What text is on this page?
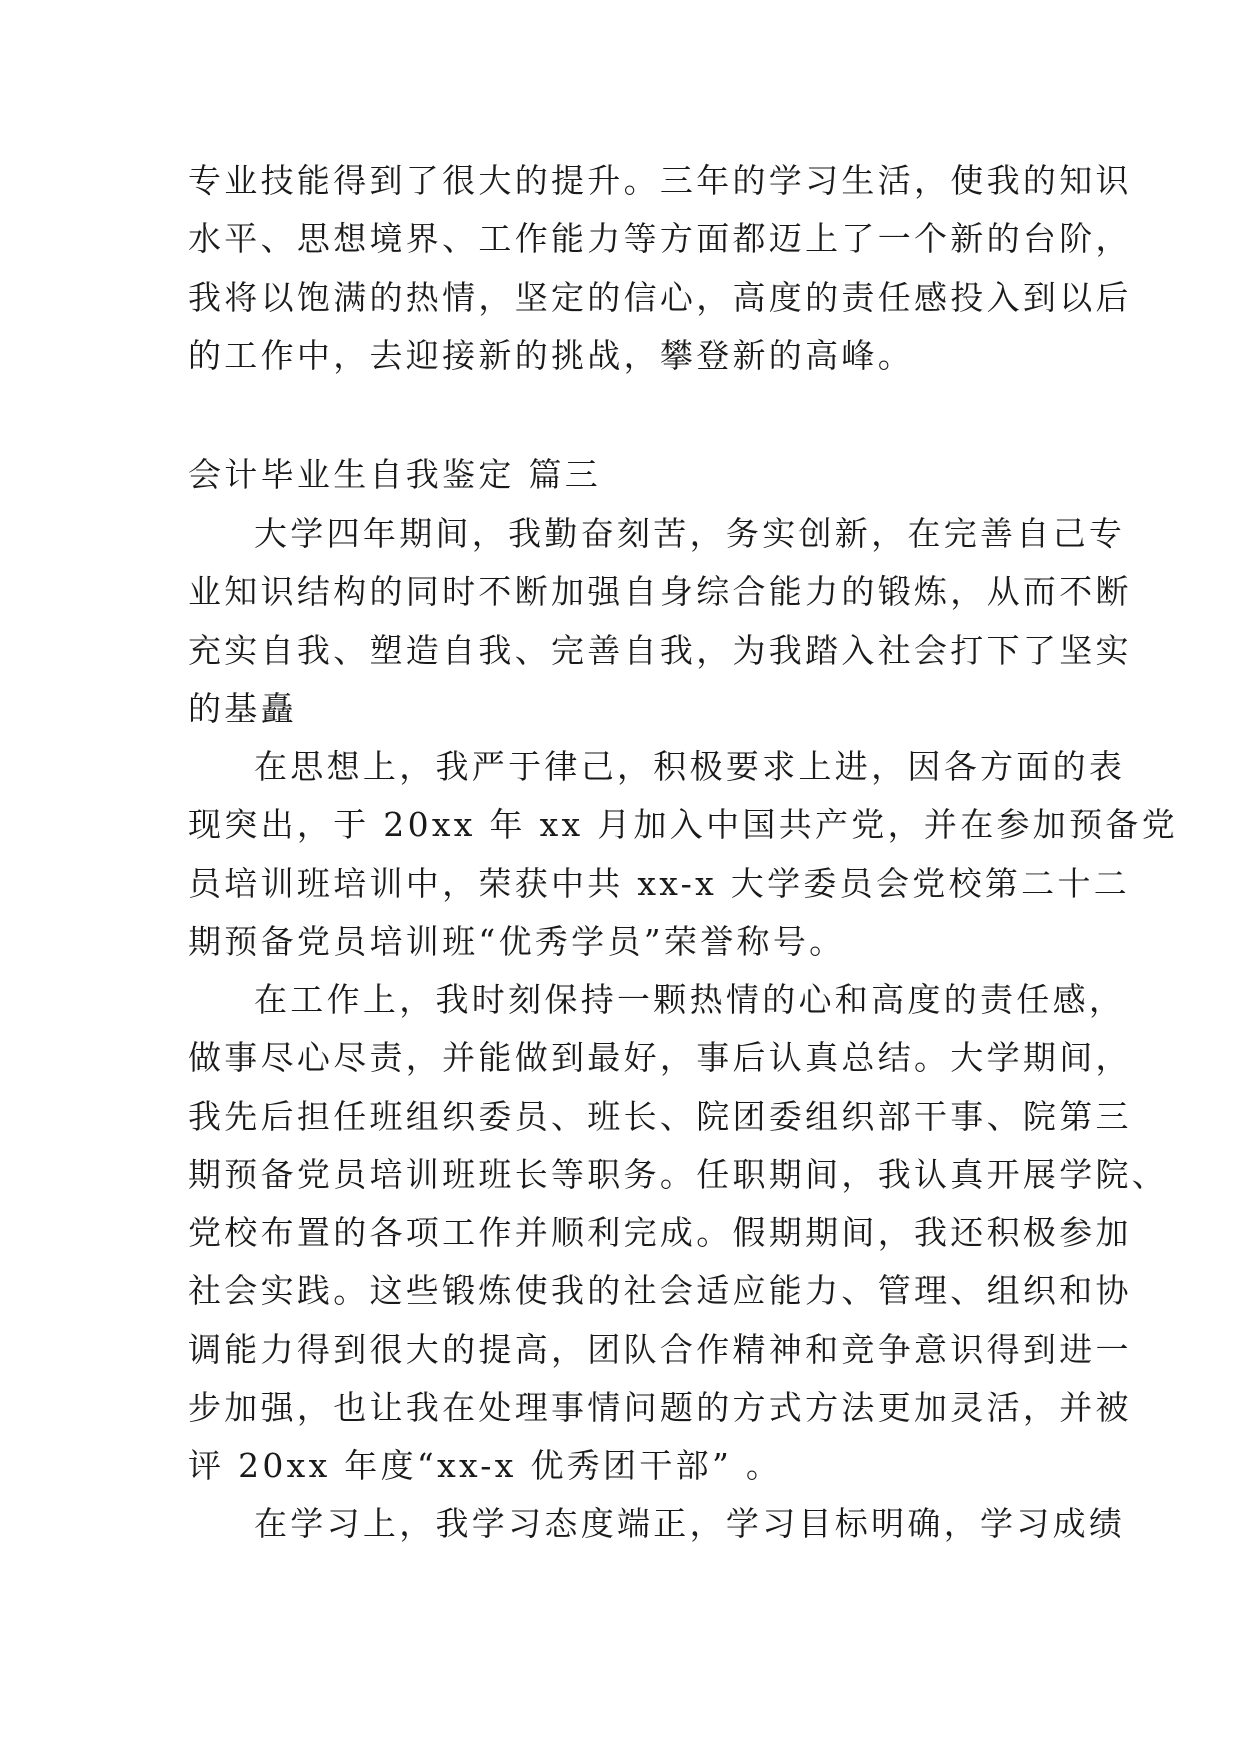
专业技能得到了很大的提升。三年的学习生活，使我的知识
水平、思想境界、工作能力等方面都迈上了一个新的台阶，
我将以饱满的热情，坚定的信心，高度的责任感投入到以后
的工作中，去迎接新的挑战，攀登新的高峰。
会计毕业生自我鉴定 篇三
大学四年期间，我勤奋刻苦，务实创新，在完善自己专
业知识结构的同时不断加强自身综合能力的锻炼，从而不断
充实自我、塑造自我、完善自我，为我踏入社会打下了坚实
的基矗
在思想上，我严于律己，积极要求上进，因各方面的表
现突出，于 20xx 年 xx 月加入中国共产党，并在参加预备党
员培训班培训中，荣获中共 xx-x 大学委员会党校第二十二
期预备党员培训班“优秀学员”荣誉称号。
在工作上，我时刻保持一颗热情的心和高度的责任感，
做事尽心尽责，并能做到最好，事后认真总结。大学期间，
我先后担任班组织委员、班长、院团委组织部干事、院第三
期预备党员培训班班长等职务。任职期间，我认真开展学院、
党校布置的各项工作并顺利完成。假期期间，我还积极参加
社会实践。这些锻炼使我的社会适应能力、管理、组织和协
调能力得到很大的提高，团队合作精神和竞争意识得到进一
步加强，也让我在处理事情问题的方式方法更加灵活，并被
评 20xx 年度“xx-x 优秀团干部” 。
在学习上，我学习态度端正，学习目标明确，学习成绩
